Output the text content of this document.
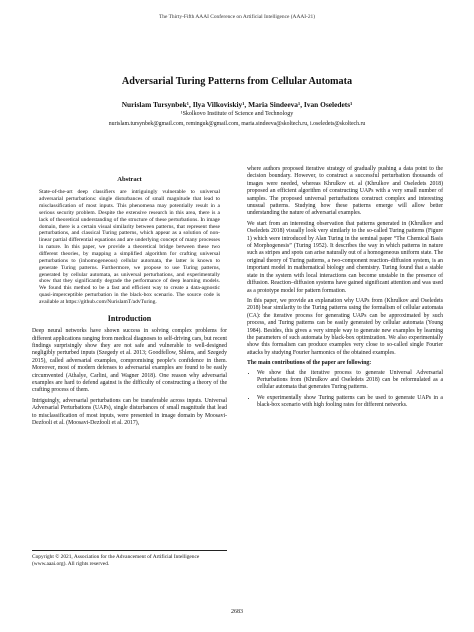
The Thirty-Fifth AAAI Conference on Artificial Intelligence (AAAI-21)
Adversarial Turing Patterns from Cellular Automata
Nurislam Tursynbek¹, Ilya Vilkoviskiy¹, Maria Sindeeva¹, Ivan Oseledets¹
¹Skolkovo Institute of Science and Technology
nurislam.tursynbek@gmail.com, reminguk@gmail.com, maria.sindeeva@skoltech.ru, i.oseledets@skoltech.ru
Abstract
State-of-the-art deep classifiers are intriguingly vulnerable to universal adversarial perturbations: single disturbances of small magnitude that lead to misclassification of most inputs. This phenomena may potentially result in a serious security problem. Despite the extensive research in this area, there is a lack of theoretical understanding of the structure of these perturbations. In image domain, there is a certain visual similarity between patterns, that represent these perturbations, and classical Turing patterns, which appear as a solution of non-linear partial differential equations and are underlying concept of many processes in nature. In this paper, we provide a theoretical bridge between these two different theories, by mapping a simplified algorithm for crafting universal perturbations to (inhomogeneous) cellular automata, the latter is known to generate Turing patterns. Furthermore, we propose to use Turing patterns, generated by cellular automata, as universal perturbations, and experimentally show that they significantly degrade the performance of deep learning models. We found this method to be a fast and efficient way to create a data-agnostic quasi-imperceptible perturbation in the black-box scenario. The source code is available at https://github.com/NurislamT/advTuring.
Introduction

Deep neural networks have shown success in solving complex problems for different applications ranging from medical diagnoses to self-driving cars, but recent findings surprisingly show they are not safe and vulnerable to well-designed negligibly perturbed inputs (Szegedy et al. 2013; Goodfellow, Shlens, and Szegedy 2015), called adversarial examples, compromising people’s confidence in them. Moreover, most of modern defenses to adversarial examples are found to be easily circumvented (Athalye, Carlini, and Wagner 2018). One reason why adversarial examples are hard to defend against is the difficulty of constructing a theory of the crafting process of them.

Intriguingly, adversarial perturbations can be transferable across inputs. Universal Adversarial Perturbations (UAPs), single disturbances of small magnitude that lead to misclassification of most inputs, were presented in image domain by Moosavi-Dezfooli et al. (Moosavi-Dezfooli et al. 2017),

Copyright © 2021, Association for the Advancement of Artificial Intelligence (www.aaai.org). All rights reserved.

where authors proposed iterative strategy of gradually pushing a data point to the decision boundary. However, to construct a successful perturbation thousands of images were needed, whereas Khrulkov et. al (Khrulkov and Oseledets 2018) proposed an efficient algorithm of constructing UAPs with a very small number of samples. The proposed universal perturbations construct complex and interesting unusual patterns. Studying how these patterns emerge will allow better understanding the nature of adversarial examples.

We start from an interesting observation that patterns generated in (Khrulkov and Oseledets 2018) visually look very similarly to the so-called Turing patterns (Figure 1) which were introduced by Alan Turing in the seminal paper “The Chemical Basis of Morphogenesis” (Turing 1952). It describes the way in which patterns in nature such as stripes and spots can arise naturally out of a homogeneous uniform state. The original theory of Turing patterns, a two-component reaction–diffusion system, is an important model in mathematical biology and chemistry. Turing found that a stable state in the system with local interactions can become unstable in the presence of diffusion. Reaction–diffusion systems have gained significant attention and was used as a prototype model for pattern formation.

In this paper, we provide an explanation why UAPs from (Khrulkov and Oseledets 2018) bear similarity to the Turing patterns using the formalism of cellular automata (CA): the iterative process for generating UAPs can be approximated by such process, and Turing patterns can be easily generated by cellular automata (Young 1984). Besides, this gives a very simple way to generate new examples by learning the parameters of such automata by black-box optimization. We also experimentally show this formalism can produce examples very close to so-called single Fourier attacks by studying Fourier harmonics of the obtained examples.

The main contributions of the paper are following:
• We show that the iterative process to generate Universal Adversarial Perturbations from (Khrulkov and Oseledets 2018) can be reformulated as a cellular automata that generates Turing patterns.
• We experimentally show Turing patterns can be used to generate UAPs in a black-box scenario with high fooling rates for different networks.
2683
